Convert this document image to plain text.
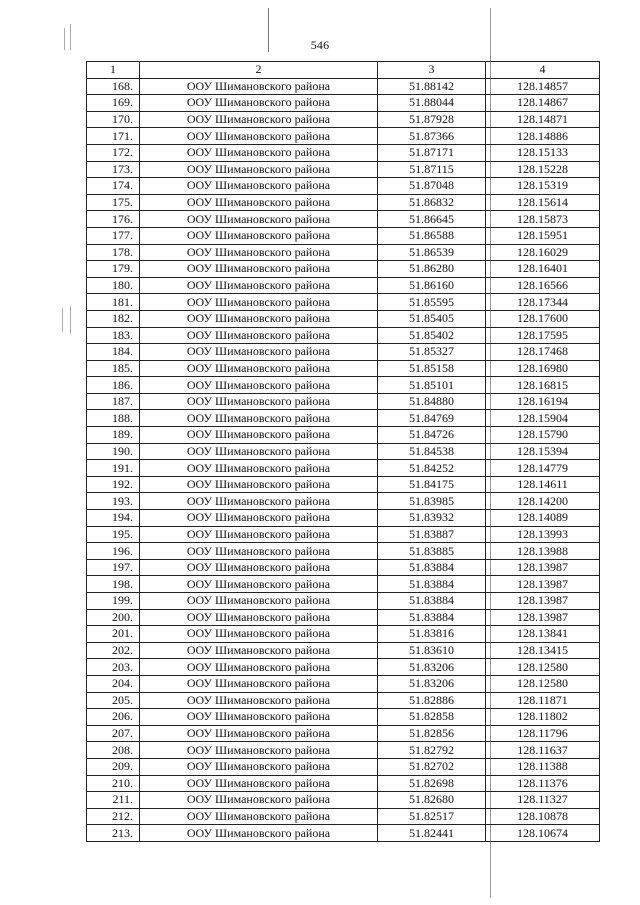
546
1	2	3	4
168.	ООУ Шимановского района	51.88142	128.14857
169.	ООУ Шимановского района	51.88044	128.14867
170.	ООУ Шимановского района	51.87928	128.14871
171.	ООУ Шимановского района	51.87366	128.14886
172.	ООУ Шимановского района	51.87171	128.15133
173.	ООУ Шимановского района	51.87115	128.15228
174.	ООУ Шимановского района	51.87048	128.15319
175.	ООУ Шимановского района	51.86832	128.15614
176.	ООУ Шимановского района	51.86645	128.15873
177.	ООУ Шимановского района	51.86588	128.15951
178.	ООУ Шимановского района	51.86539	128.16029
179.	ООУ Шимановского района	51.86280	128.16401
180.	ООУ Шимановского района	51.86160	128.16566
181.	ООУ Шимановского района	51.85595	128.17344
182.	ООУ Шимановского района	51.85405	128.17600
183.	ООУ Шимановского района	51.85402	128.17595
184.	ООУ Шимановского района	51.85327	128.17468
185.	ООУ Шимановского района	51.85158	128.16980
186.	ООУ Шимановского района	51.85101	128.16815
187.	ООУ Шимановского района	51.84880	128.16194
188.	ООУ Шимановского района	51.84769	128.15904
189.	ООУ Шимановского района	51.84726	128.15790
190.	ООУ Шимановского района	51.84538	128.15394
191.	ООУ Шимановского района	51.84252	128.14779
192.	ООУ Шимановского района	51.84175	128.14611
193.	ООУ Шимановского района	51.83985	128.14200
194.	ООУ Шимановского района	51.83932	128.14089
195.	ООУ Шимановского района	51.83887	128.13993
196.	ООУ Шимановского района	51.83885	128.13988
197.	ООУ Шимановского района	51.83884	128.13987
198.	ООУ Шимановского района	51.83884	128.13987
199.	ООУ Шимановского района	51.83884	128.13987
200.	ООУ Шимановского района	51.83884	128.13987
201.	ООУ Шимановского района	51.83816	128.13841
202.	ООУ Шимановского района	51.83610	128.13415
203.	ООУ Шимановского района	51.83206	128.12580
204.	ООУ Шимановского района	51.83206	128.12580
205.	ООУ Шимановского района	51.82886	128.11871
206.	ООУ Шимановского района	51.82858	128.11802
207.	ООУ Шимановского района	51.82856	128.11796
208.	ООУ Шимановского района	51.82792	128.11637
209.	ООУ Шимановского района	51.82702	128.11388
210.	ООУ Шимановского района	51.82698	128.11376
211.	ООУ Шимановского района	51.82680	128.11327
212.	ООУ Шимановского района	51.82517	128.10878
213.	ООУ Шимановского района	51.82441	128.10674
